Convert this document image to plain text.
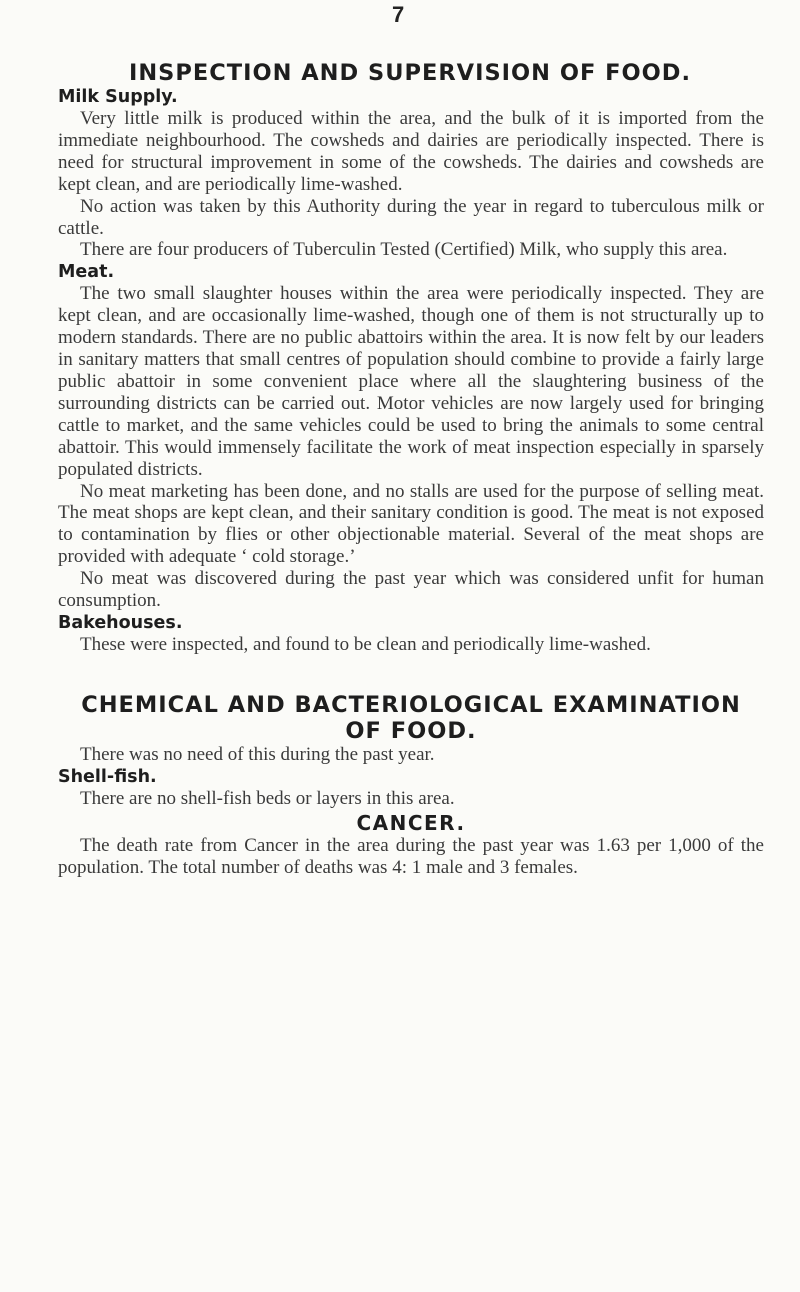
7
INSPECTION AND SUPERVISION OF FOOD.
Milk Supply.

Very little milk is produced within the area, and the bulk of it is imported from the immediate neighbourhood. The cowsheds and dairies are periodically inspected. There is need for structural improvement in some of the cowsheds. The dairies and cowsheds are kept clean, and are periodically lime-washed.

No action was taken by this Authority during the year in regard to tuberculous milk or cattle.

There are four producers of Tuberculin Tested (Certified) Milk, who supply this area.

Meat.

The two small slaughter houses within the area were periodically inspected. They are kept clean, and are occasionally lime-washed, though one of them is not structurally up to modern standards. There are no public abattoirs within the area. It is now felt by our leaders in sanitary matters that small centres of population should combine to provide a fairly large public abattoir in some convenient place where all the slaughtering business of the surrounding districts can be carried out. Motor vehicles are now largely used for bringing cattle to market, and the same vehicles could be used to bring the animals to some central abattoir. This would immensely facilitate the work of meat inspection especially in sparsely populated districts.

No meat marketing has been done, and no stalls are used for the purpose of selling meat. The meat shops are kept clean, and their sanitary condition is good. The meat is not exposed to contamination by flies or other objectionable material. Several of the meat shops are provided with adequate ‘ cold storage.’

No meat was discovered during the past year which was considered unfit for human consumption.

Bakehouses.

These were inspected, and found to be clean and periodically lime-washed.

CHEMICAL AND BACTERIOLOGICAL EXAMINATION
OF FOOD.

There was no need of this during the past year.

Shell-fish.

There are no shell-fish beds or layers in this area.

CANCER.

The death rate from Cancer in the area during the past year was 1.63 per 1,000 of the population. The total number of deaths was 4: 1 male and 3 females.
